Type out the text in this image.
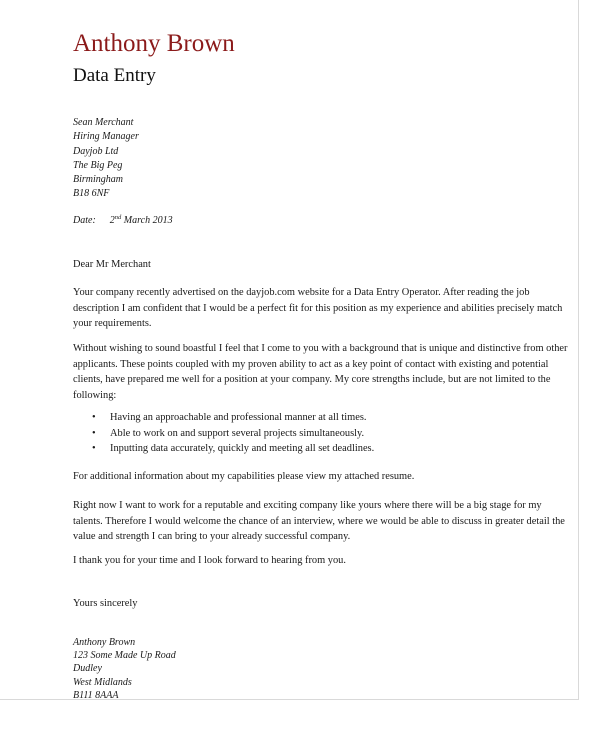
Anthony Brown
Data Entry
Sean Merchant
Hiring Manager
Dayjob Ltd
The Big Peg
Birmingham
B18 6NF
Date: 2nd March 2013

Dear Mr Merchant

Your company recently advertised on the dayjob.com website for a Data Entry Operator. After reading the job description I am confident that I would be a perfect fit for this position as my experience and abilities precisely match your requirements.

Without wishing to sound boastful I feel that I come to you with a background that is unique and distinctive from other applicants. These points coupled with my proven ability to act as a key point of contact with existing and potential clients, have prepared me well for a position at your company. My core strengths include, but are not limited to the following:

• Having an approachable and professional manner at all times.
• Able to work on and support several projects simultaneously.
• Inputting data accurately, quickly and meeting all set deadlines.

For additional information about my capabilities please view my attached resume.

Right now I want to work for a reputable and exciting company like yours where there will be a big stage for my talents. Therefore I would welcome the chance of an interview, where we would be able to discuss in greater detail the value and strength I can bring to your already successful company.

I thank you for your time and I look forward to hearing from you.

Yours sincerely

Anthony Brown
123 Some Made Up Road
Dudley
West Midlands
B111 8AAA
